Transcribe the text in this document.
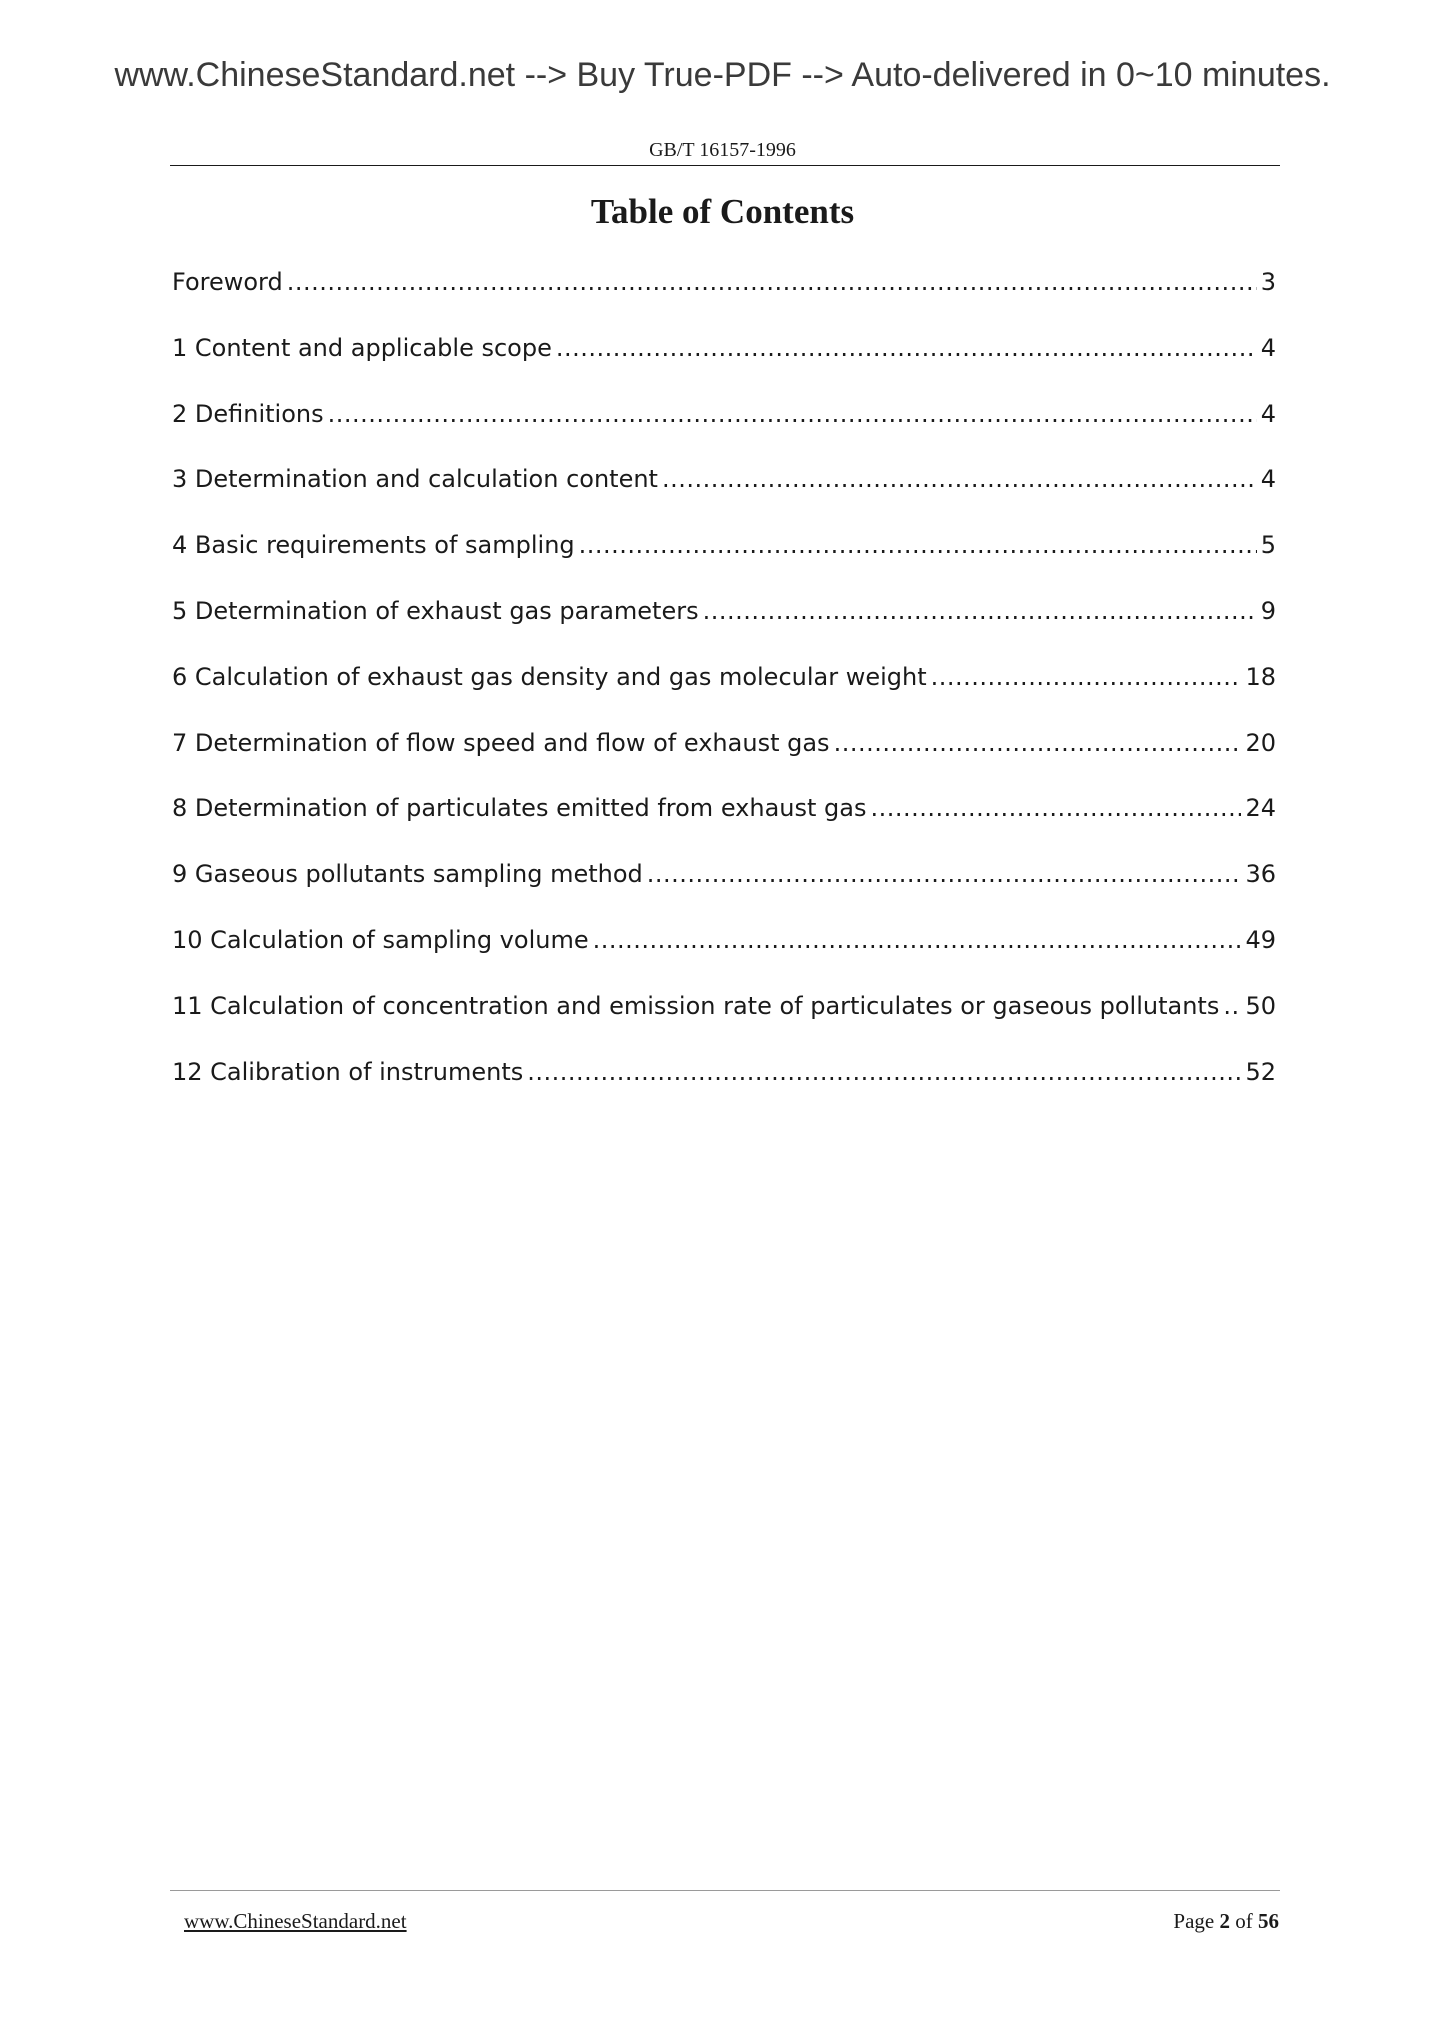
www.ChineseStandard.net --> Buy True-PDF --> Auto-delivered in 0~10 minutes.
GB/T 16157-1996
Table of Contents
Foreword .....	3
1 Content and applicable scope .....	4
2 Definitions .....	4
3 Determination and calculation content .....	4
4 Basic requirements of sampling .....	5
5 Determination of exhaust gas parameters .....	9
6 Calculation of exhaust gas density and gas molecular weight .....	18
7 Determination of flow speed and flow of exhaust gas .....	20
8 Determination of particulates emitted from exhaust gas .....	24
9 Gaseous pollutants sampling method .....	36
10 Calculation of sampling volume .....	49
11 Calculation of concentration and emission rate of particulates or gaseous pollutants ..... 50
12 Calibration of instruments .....	52
www.ChineseStandard.net	Page 2 of 56
